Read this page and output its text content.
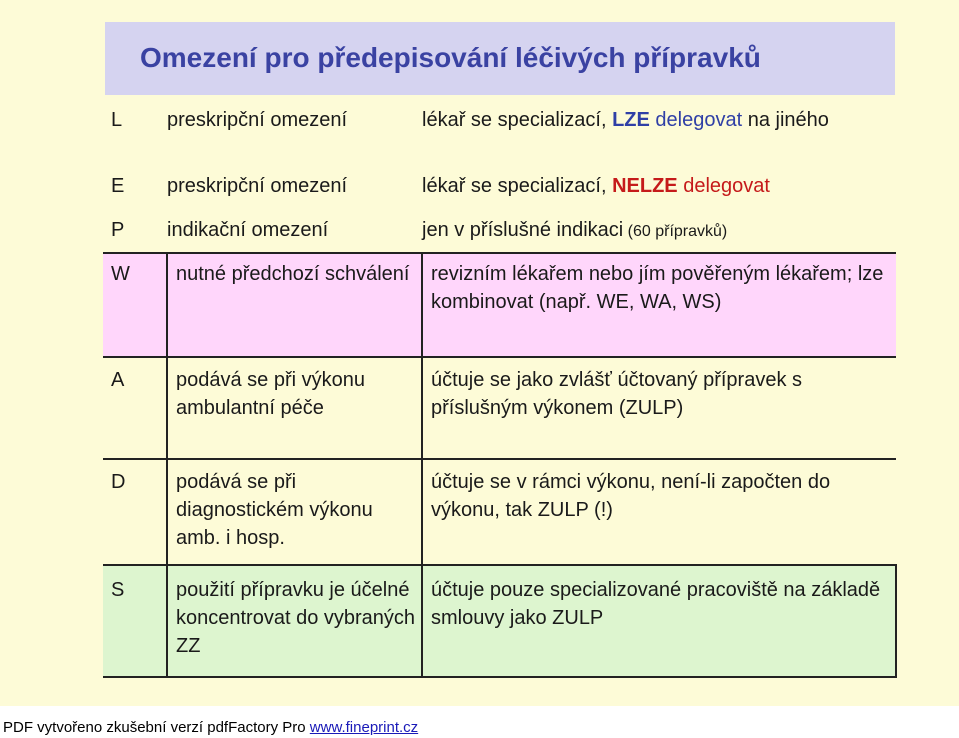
Omezení pro předepisování léčivých přípravků
L	preskripční omezení	lékař se specializací, LZE delegovat na jiného
E	preskripční omezení	lékař se specializací, NELZE delegovat
P	indikační omezení	jen v příslušné indikaci (60 přípravků)
W	nutné předchozí schválení	revizním lékařem nebo jím pověřeným lékařem; lze kombinovat (např. WE, WA, WS)
A	podává se při výkonu ambulantní péče	účtuje se jako zvlášť účtovaný přípravek s příslušným výkonem (ZULP)
D	podává se při diagnostickém výkonu amb. i hosp.	účtuje se v rámci výkonu, není-li započten do výkonu, tak ZULP (!)
S	použití přípravku je účelné koncentrovat do vybraných ZZ	účtuje pouze specializované pracoviště na základě smlouvy jako ZULP
PDF vytvořeno zkušební verzí pdfFactory Pro www.fineprint.cz
